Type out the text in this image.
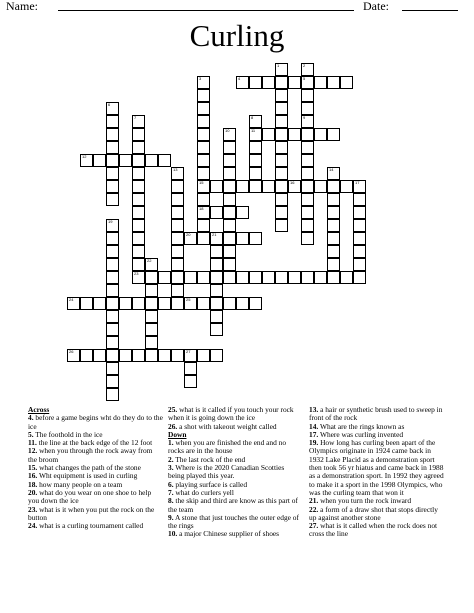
Name:	Date:
Curling
1	2
3	4	5
6
7	8	9
10	11
12
13	14
15	16	17
18
19
20	21
22
23
24	25
26	27
Across
4. before a game begins wht do they do to the ice
5. The foothold in the ice
11. the line at the back edge of the 12 foot
12. when you through the rock away from the broom
15. what changes the path of the stone
16. Wht equipment is used in curling
18. how many people on a team
20. what do you wear on one shoe to help you down the ice
23. what is it when you put the rock on the button
24. what is a curling tournament called
25. what is it called if you touch your rock when it is going down the ice
26. a shot with takeout weight called
Down
1. when you are finished the end and no rocks are in the house
2. The last rock of the end
3. Where is the 2020 Canadian Scotties being played this year.
6. playing surface is called
7. what do curlers yell
8. the skip and third are know as this part of the team
9. A stone that just touches the outer edge of the rings
10. a major Chinese supplier of shoes
13. a hair or synthetic brush used to sweep in front of the rock
14. What are the rings known as
17. Where was curling invented
19. How long has curling been apart of the Olympics originate in 1924 came back in 1932 Lake Placid as a demonstration sport then took 56 yr hiatus and came back in 1988 as a demonstration sport. In 1992 they agreed to make it a sport in the 1998 Olympics, who was the curling team that won it
21. when you turn the rock inward
22. a form of a draw shot that stops directly up against another stone
27. what is it called when the rock does not cross the line
